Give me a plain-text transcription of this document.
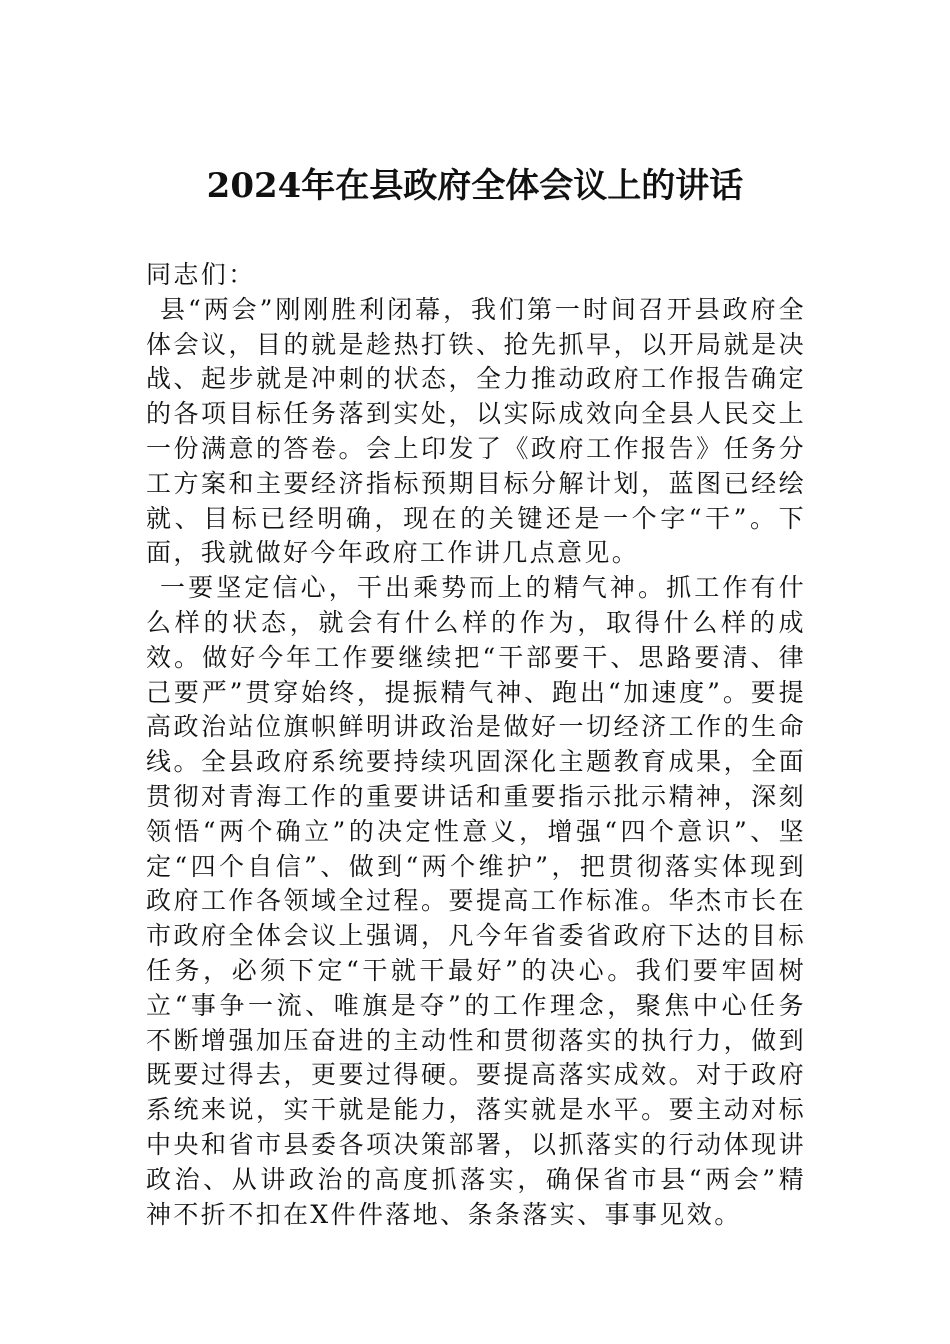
2024年在县政府全体会议上的讲话

同志们：

县“两会”刚刚胜利闭幕，我们第一时间召开县政府全体会议，目的就是趁热打铁、抢先抓早，以开局就是决战、起步就是冲刺的状态，全力推动政府工作报告确定的各项目标任务落到实处，以实际成效向全县人民交上一份满意的答卷。会上印发了《政府工作报告》任务分工方案和主要经济指标预期目标分解计划，蓝图已经绘就、目标已经明确，现在的关键还是一个字“干”。下面，我就做好今年政府工作讲几点意见。

一要坚定信心，干出乘势而上的精气神。抓工作有什么样的状态，就会有什么样的作为，取得什么样的成效。做好今年工作要继续把“干部要干、思路要清、律己要严”贯穿始终，提振精气神、跑出“加速度”。要提高政治站位旗帜鲜明讲政治是做好一切经济工作的生命线。全县政府系统要持续巩固深化主题教育成果，全面贯彻对青海工作的重要讲话和重要指示批示精神，深刻领悟“两个确立”的决定性意义，增强“四个意识”、坚定“四个自信”、做到“两个维护”，把贯彻落实体现到政府工作各领域全过程。要提高工作标准。华杰市长在市政府全体会议上强调，凡今年省委省政府下达的目标任务，必须下定“干就干最好”的决心。我们要牢固树立“事争一流、唯旗是夺”的工作理念，聚焦中心任务不断增强加压奋进的主动性和贯彻落实的执行力，做到既要过得去，更要过得硬。要提高落实成效。对于政府系统来说，实干就是能力，落实就是水平。要主动对标中央和省市县委各项决策部署，以抓落实的行动体现讲政治、从讲政治的高度抓落实，确保省市县“两会”精神不折不扣在X件件落地、条条落实、事事见效。
